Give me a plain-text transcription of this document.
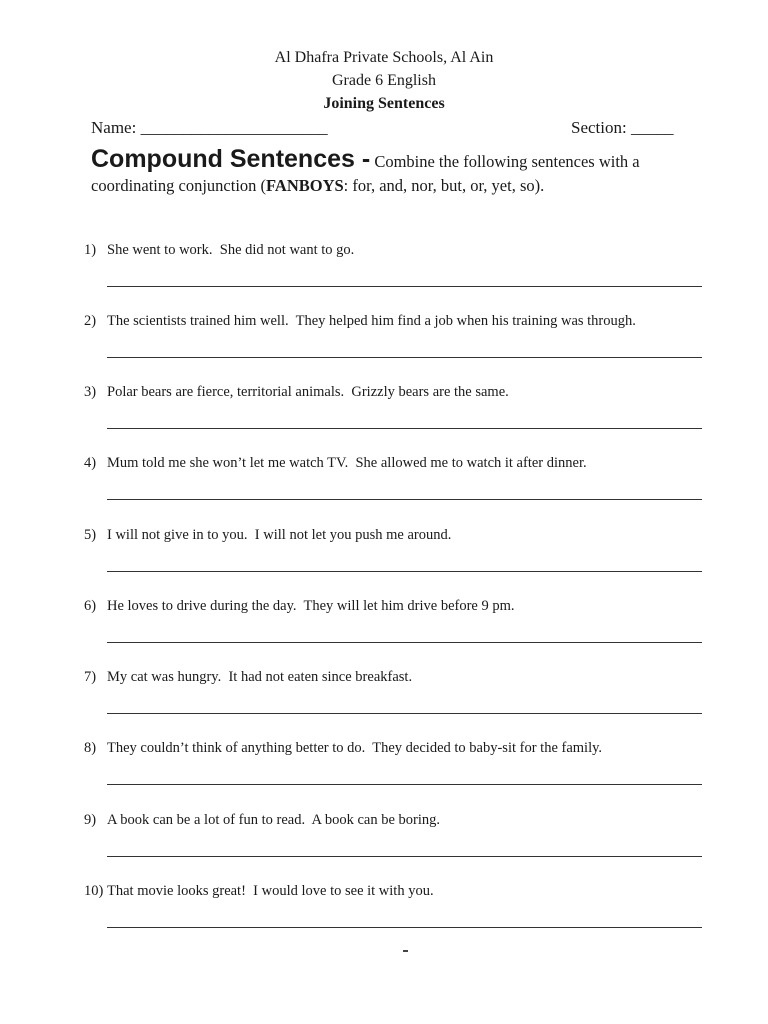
Al Dhafra Private Schools, Al Ain
Grade 6 English
Joining Sentences
Name: ______________________	Section: _____
Compound Sentences - Combine the following sentences with a coordinating conjunction (FANBOYS: for, and, nor, but, or, yet, so).
1) She went to work.  She did not want to go.
2) The scientists trained him well.  They helped him find a job when his training was through.
3) Polar bears are fierce, territorial animals.  Grizzly bears are the same.
4) Mum told me she won’t let me watch TV.  She allowed me to watch it after dinner.
5) I will not give in to you.  I will not let you push me around.
6) He loves to drive during the day.  They will let him drive before 9 pm.
7) My cat was hungry.  It had not eaten since breakfast.
8) They couldn’t think of anything better to do.  They decided to baby-sit for the family.
9) A book can be a lot of fun to read.  A book can be boring.
10) That movie looks great!  I would love to see it with you.
